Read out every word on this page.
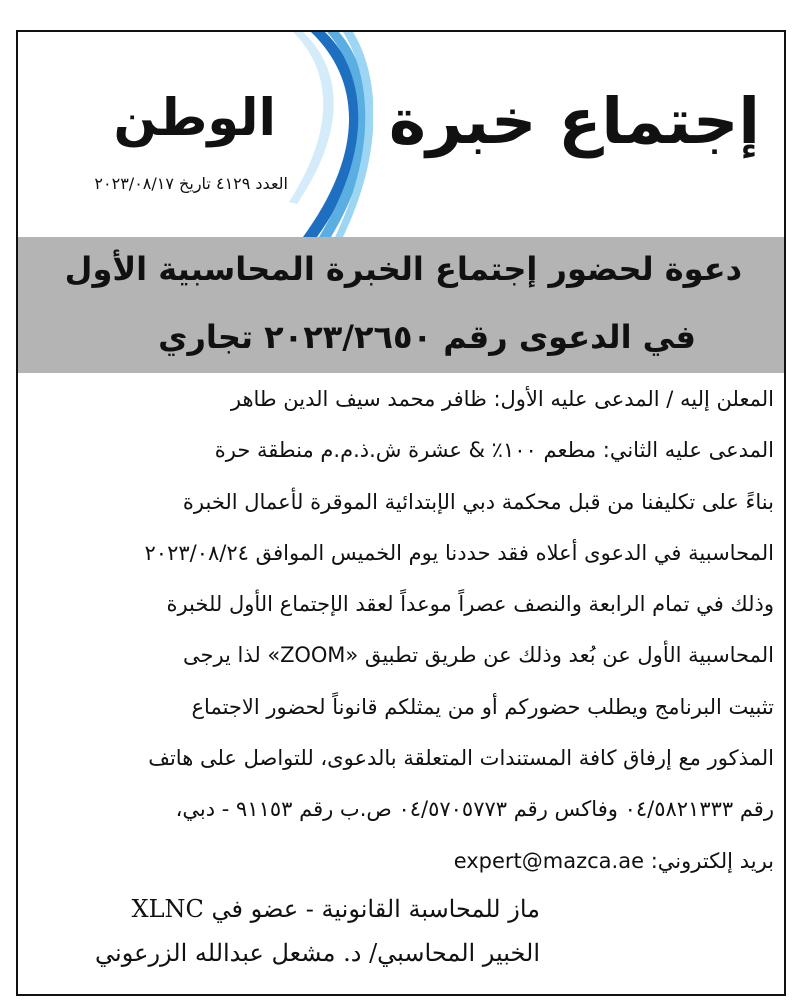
إجتماع خبرة
الوطن
العدد ٤١٢٩ تاريخ ٢٠٢٣/٠٨/١٧
دعوة لحضور إجتماع الخبرة المحاسبية الأول
في الدعوى رقم ٢٠٢٣/٢٦٥٠ تجاري
المعلن إليه / المدعى عليه الأول: ظافر محمد سيف الدين طاهر
المدعى عليه الثاني: مطعم ١٠٠٪ & عشرة ش.ذ.م.م منطقة حرة
بناءً على تكليفنا من قبل محكمة دبي الإبتدائية الموقرة لأعمال الخبرة
المحاسبية في الدعوى أعلاه فقد حددنا يوم الخميس الموافق ٢٠٢٣/٠٨/٢٤
وذلك في تمام الرابعة والنصف عصراً موعداً لعقد الإجتماع الأول للخبرة
المحاسبية الأول عن بُعد وذلك عن طريق تطبيق «ZOOM» لذا يرجى
تثبيت البرنامج ويطلب حضوركم أو من يمثلكم قانوناً لحضور الاجتماع
المذكور مع إرفاق كافة المستندات المتعلقة بالدعوى، للتواصل على هاتف
رقم ٠٤/٥٨٢١٣٣٣ وفاكس رقم ٠٤/٥٧٠٥٧٧٣ ص.ب رقم ٩١١٥٣ - دبي،
بريد إلكتروني: expert@mazca.ae
ماز للمحاسبة القانونية - عضو في XLNC
الخبير المحاسبي/ د. مشعل عبدالله الزرعوني
